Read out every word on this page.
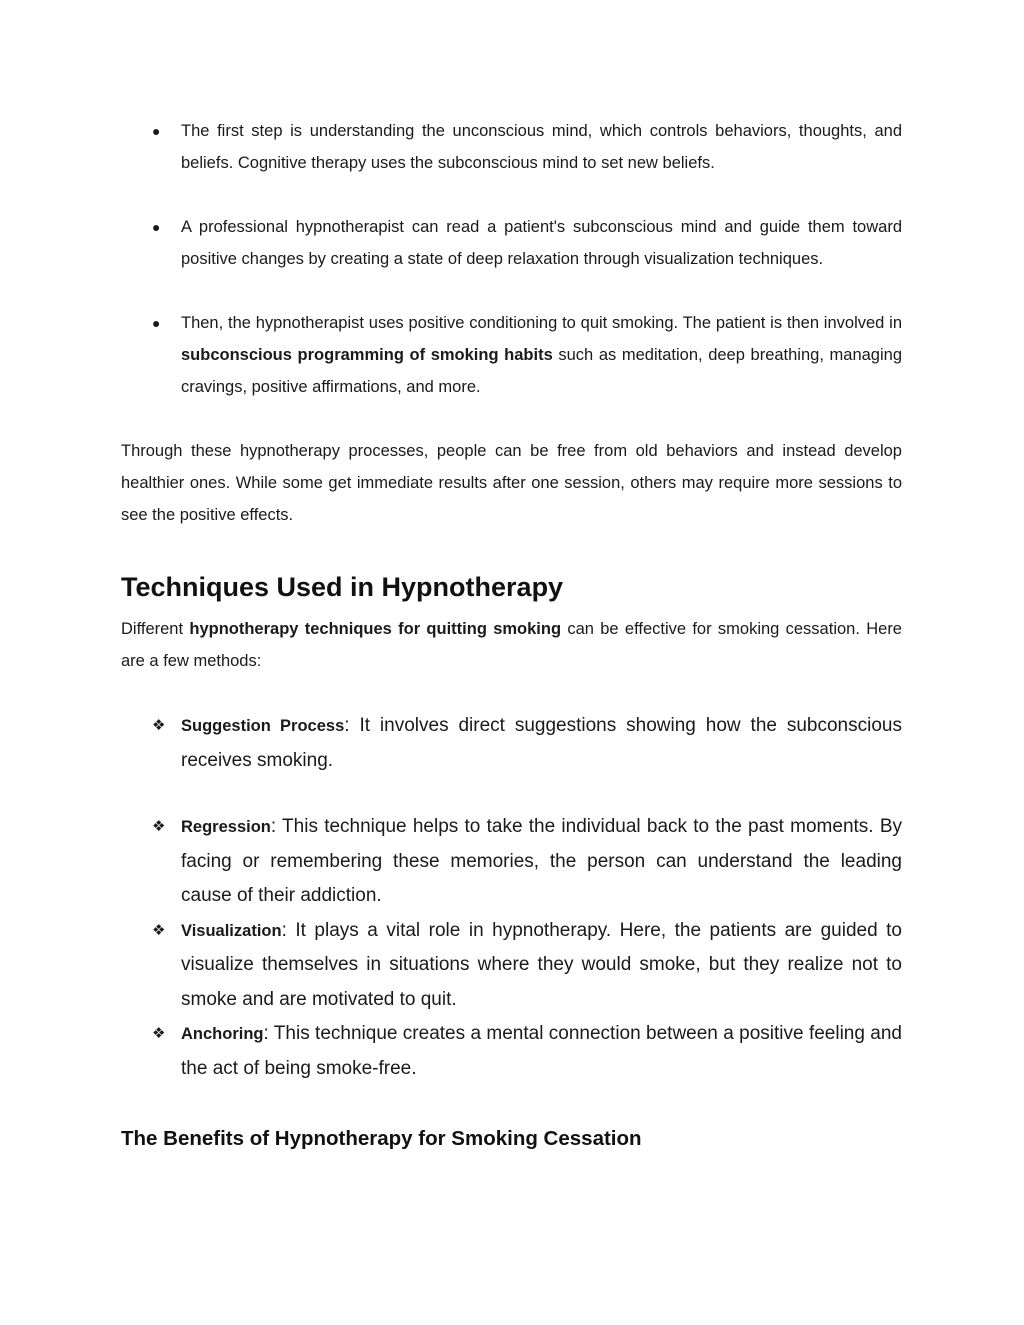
● The first step is understanding the unconscious mind, which controls behaviors, thoughts, and beliefs. Cognitive therapy uses the subconscious mind to set new beliefs.
● A professional hypnotherapist can read a patient's subconscious mind and guide them toward positive changes by creating a state of deep relaxation through visualization techniques.
● Then, the hypnotherapist uses positive conditioning to quit smoking. The patient is then involved in subconscious programming of smoking habits such as meditation, deep breathing, managing cravings, positive affirmations, and more.

Through these hypnotherapy processes, people can be free from old behaviors and instead develop healthier ones. While some get immediate results after one session, others may require more sessions to see the positive effects.

Techniques Used in Hypnotherapy

Different hypnotherapy techniques for quitting smoking can be effective for smoking cessation. Here are a few methods:

❖ Suggestion Process: It involves direct suggestions showing how the subconscious receives smoking.
❖ Regression: This technique helps to take the individual back to the past moments. By facing or remembering these memories, the person can understand the leading cause of their addiction.
❖ Visualization: It plays a vital role in hypnotherapy. Here, the patients are guided to visualize themselves in situations where they would smoke, but they realize not to smoke and are motivated to quit.
❖ Anchoring: This technique creates a mental connection between a positive feeling and the act of being smoke-free.
The Benefits of Hypnotherapy for Smoking Cessation
